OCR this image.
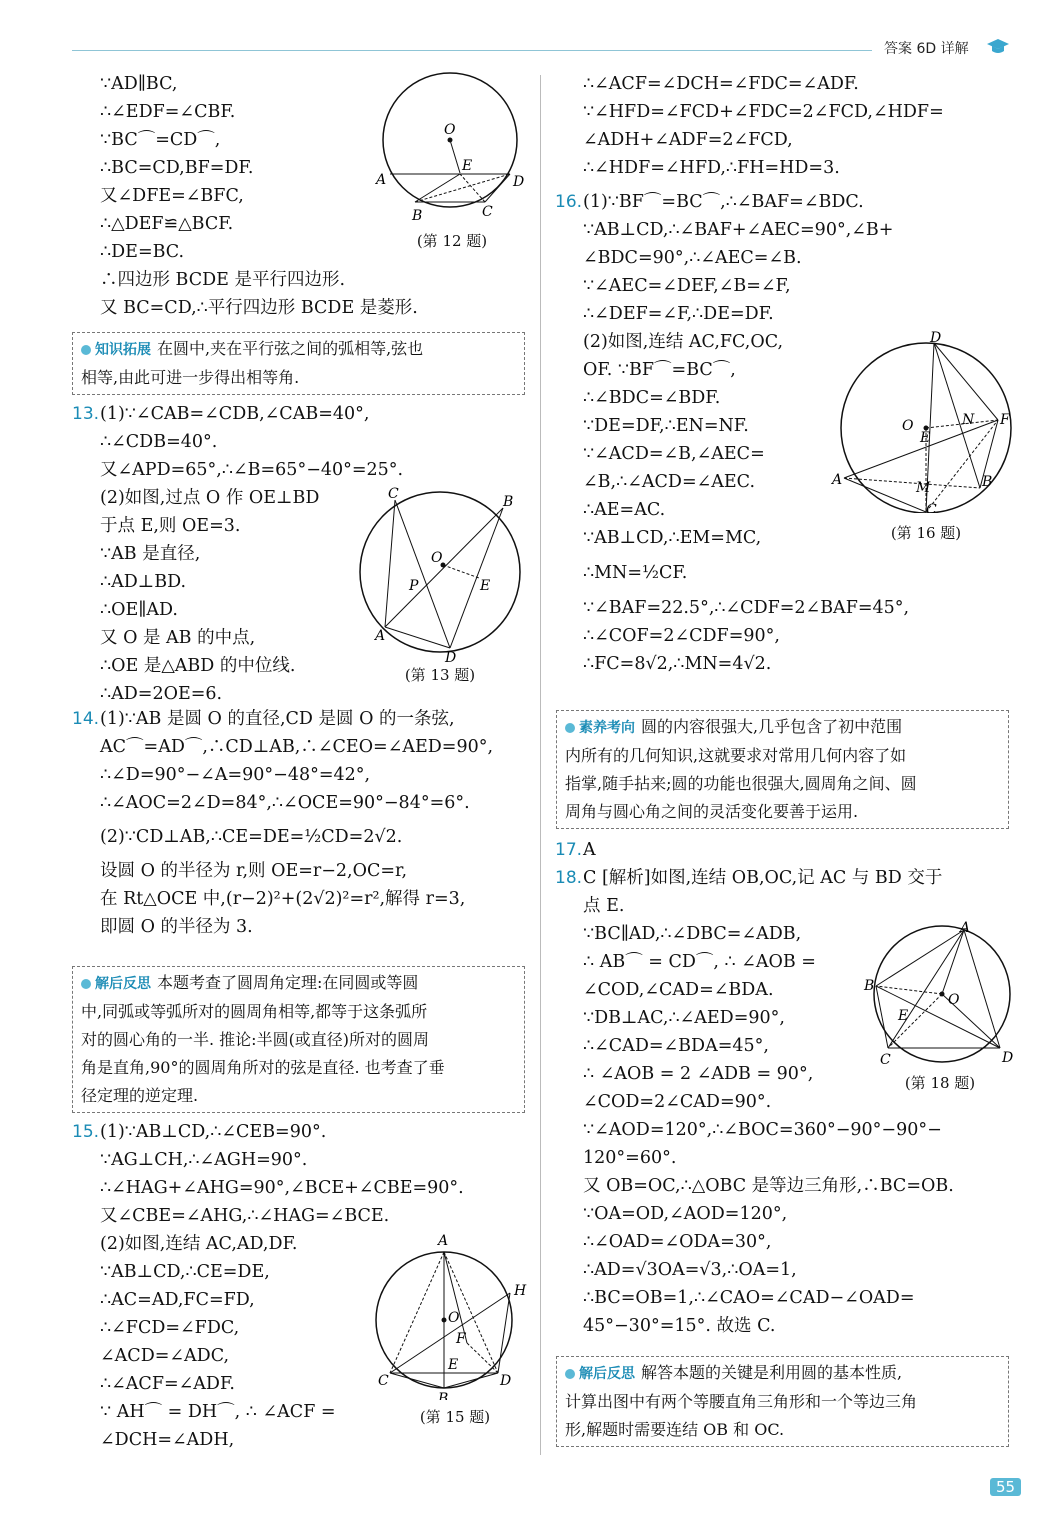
答案 6D 详解
∵AD∥BC,
∴∠EDF=∠CBF.
∵BC⌒=CD⌒,
∴BC=CD,BF=DF.
又∠DFE=∠BFC,
∴△DEF≌△BCF.
∴DE=BC.
∴四边形 BCDE 是平行四边形.
又 BC=CD,∴平行四边形 BCDE 是菱形.
知识拓展 在圆中,夹在平行弦之间的弧相等,弦也
相等,由此可进一步得出相等角.
13.(1)∵∠CAB=∠CDB,∠CAB=40°,
∴∠CDB=40°.
又∠APD=65°,∴∠B=65°−40°=25°.
(2)如图,过点 O 作 OE⊥BD
于点 E,则 OE=3.
∵AB 是直径,
∴AD⊥BD.
∴OE∥AD.
又 O 是 AB 的中点,
∴OE 是△ABD 的中位线.
∴AD=2OE=6.
14.(1)∵AB 是圆 O 的直径,CD 是圆 O 的一条弦,
AC⌒=AD⌒,∴CD⊥AB,∴∠CEO=∠AED=90°,
∴∠D=90°−∠A=90°−48°=42°,
∴∠AOC=2∠D=84°,∴∠OCE=90°−84°=6°.
(2)∵CD⊥AB,∴CE=DE=½CD=2√2.
设圆 O 的半径为 r,则 OE=r−2,OC=r,
在 Rt△OCE 中,(r−2)²+(2√2)²=r²,解得 r=3,
即圆 O 的半径为 3.
解后反思 本题考查了圆周角定理:在同圆或等圆
中,同弧或等弧所对的圆周角相等,都等于这条弧所
对的圆心角的一半. 推论:半圆(或直径)所对的圆周
角是直角,90°的圆周角所对的弦是直径. 也考查了垂
径定理的逆定理.
15.(1)∵AB⊥CD,∴∠CEB=90°.
∵AG⊥CH,∴∠AGH=90°.
∴∠HAG+∠AHG=90°,∠BCE+∠CBE=90°.
又∠CBE=∠AHG,∴∠HAG=∠BCE.
(2)如图,连结 AC,AD,DF.
∵AB⊥CD,∴CE=DE,
∴AC=AD,FC=FD,
∴∠FCD=∠FDC,
∠ACD=∠ADC,
∴∠ACF=∠ADF.
∵ AH⌒ = DH⌒, ∴ ∠ACF =
∠DCH=∠ADH,
O
A
E
D
B	C
(第 12 题)
C	B
O
P	E
A
D
(第 13 题)
A
H
O
F
E
C
B
D
(第 15 题)
∴∠ACF=∠DCH=∠FDC=∠ADF.
∵∠HFD=∠FCD+∠FDC=2∠FCD,∠HDF=
∠ADH+∠ADF=2∠FCD,
∴∠HDF=∠HFD,∴FH=HD=3.
16.(1)∵BF⌒=BC⌒,∴∠BAF=∠BDC.
∵AB⊥CD,∴∠BAF+∠AEC=90°,∠B+
∠BDC=90°,∴∠AEC=∠B.
∵∠AEC=∠DEF,∠B=∠F,
∴∠DEF=∠F,∴DE=DF.
(2)如图,连结 AC,FC,OC,
OF. ∵BF⌒=BC⌒,
∴∠BDC=∠BDF.
∵DE=DF,∴EN=NF.
∵∠ACD=∠B,∠AEC=
∠B,∴∠ACD=∠AEC.
∴AE=AC.
∵AB⊥CD,∴EM=MC,
∴MN=½CF.
∵∠BAF=22.5°,∴∠CDF=2∠BAF=45°,
∴∠COF=2∠CDF=90°,
∴FC=8√2,∴MN=4√2.
D
O	N F
E
A	M	B
C
(第 16 题)
素养考向 圆的内容很强大,几乎包含了初中范围
内所有的几何知识,这就要求对常用几何内容了如
指掌,随手拈来;圆的功能也很强大,圆周角之间、圆
周角与圆心角之间的灵活变化要善于运用.
17.A
18.C [解析]如图,连结 OB,OC,记 AC 与 BD 交于
点 E.
∵BC∥AD,∴∠DBC=∠ADB,
∴ AB⌒ = CD⌒, ∴ ∠AOB =
∠COD,∠CAD=∠BDA.
∵DB⊥AC,∴∠AED=90°,
∴∠CAD=∠BDA=45°,
∴ ∠AOB = 2 ∠ADB = 90°,
∠COD=2∠CAD=90°.
∵∠AOD=120°,∴∠BOC=360°−90°−90°−
120°=60°.
又 OB=OC,∴△OBC 是等边三角形,∴BC=OB.
∵OA=OD,∠AOD=120°,
∴∠OAD=∠ODA=30°,
∴AD=√3OA=√3,∴OA=1,
∴BC=OB=1,∴∠CAO=∠CAD−∠OAD=
45°−30°=15°. 故选 C.
A
B
O
E
C	D
(第 18 题)
解后反思 解答本题的关键是利用圆的基本性质,
计算出图中有两个等腰直角三角形和一个等边三角
形,解题时需要连结 OB 和 OC.
55
